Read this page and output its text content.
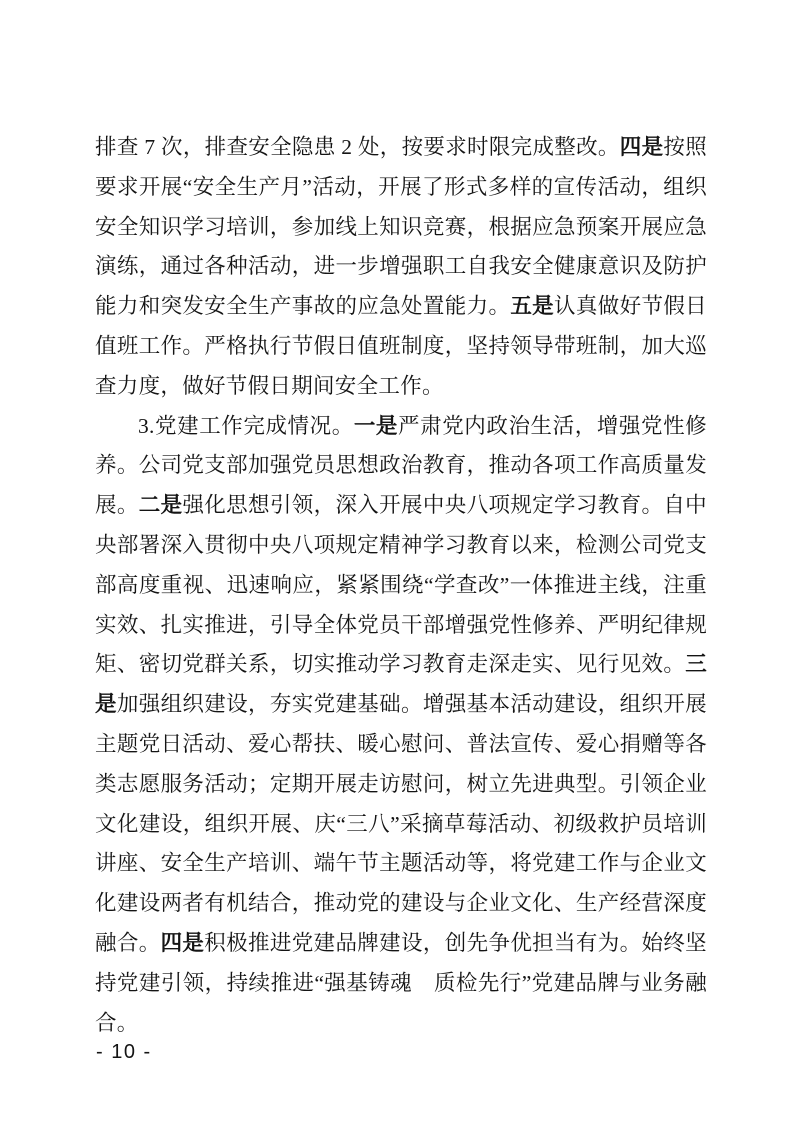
排查 7 次，排查安全隐患 2 处，按要求时限完成整改。四是按照要求开展“安全生产月”活动，开展了形式多样的宣传活动，组织安全知识学习培训，参加线上知识竞赛，根据应急预案开展应急演练，通过各种活动，进一步增强职工自我安全健康意识及防护能力和突发安全生产事故的应急处置能力。五是认真做好节假日值班工作。严格执行节假日值班制度，坚持领导带班制，加大巡查力度，做好节假日期间安全工作。

3.党建工作完成情况。一是严肃党内政治生活，增强党性修养。公司党支部加强党员思想政治教育，推动各项工作高质量发展。二是强化思想引领，深入开展中央八项规定学习教育。自中央部署深入贯彻中央八项规定精神学习教育以来，检测公司党支部高度重视、迅速响应，紧紧围绕“学查改”一体推进主线，注重实效、扎实推进，引导全体党员干部增强党性修养、严明纪律规矩、密切党群关系，切实推动学习教育走深走实、见行见效。三是加强组织建设，夯实党建基础。增强基本活动建设，组织开展主题党日活动、爱心帮扶、暖心慰问、普法宣传、爱心捐赠等各类志愿服务活动；定期开展走访慰问，树立先进典型。引领企业文化建设，组织开展、庆“三八”采摘草莓活动、初级救护员培训讲座、安全生产培训、端午节主题活动等，将党建工作与企业文化建设两者有机结合，推动党的建设与企业文化、生产经营深度融合。四是积极推进党建品牌建设，创先争优担当有为。始终坚持党建引领，持续推进“强基铸魂　质检先行”党建品牌与业务融合。

- 10 -
